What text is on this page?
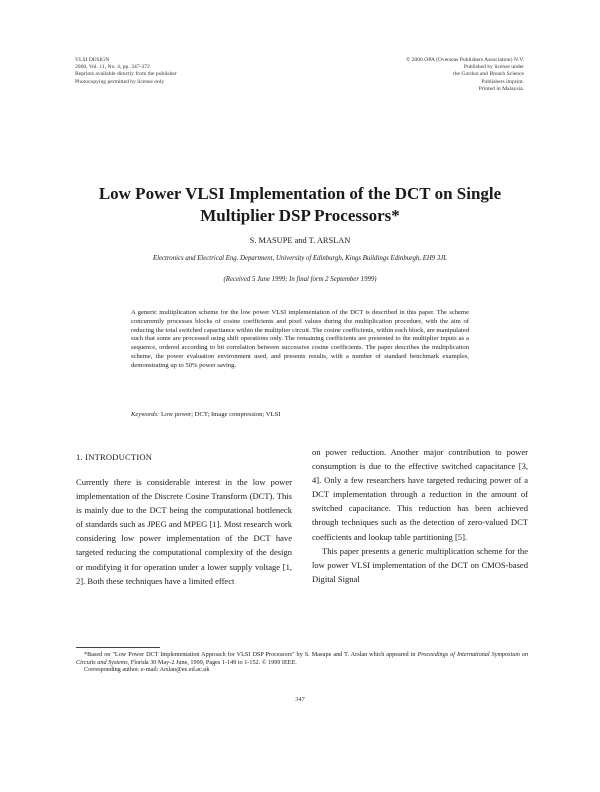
VLSI DESIGN
2000, Vol. 11, No. 4, pp. 347-372
Reprints available directly from the publisher
Photocopying permitted by license only
© 2000 OPA (Overseas Publishers Association) N.V.
Published by license under
the Gordon and Breach Science
Publishers imprint.
Printed in Malaysia.
Low Power VLSI Implementation of the DCT on Single
Multiplier DSP Processors*
S. MASUPE and T. ARSLAN
Electronics and Electrical Eng. Department, University of Edinburgh, Kings Buildings Edinburgh, EH9 3JL
(Received 5 June 1999; In final form 2 September 1999)
A generic multiplication scheme for the low power VLSI implementation of the DCT is described in this paper. The scheme concurrently processes blocks of cosine coefficients and pixel values during the multiplication procedure, with the aim of reducing the total switched capacitance within the multiplier circuit. The cosine coefficients, within each block, are manipulated such that some are processed using shift operations only. The remaining coefficients are presented to the multiplier inputs as a sequence, ordered according to bit correlation between successive cosine coefficients. The paper describes the multiplication scheme, the power evaluation environment used, and presents results, with a number of standard benchmark examples, demonstrating up to 50% power saving.
Keywords: Low power; DCT; Image compression; VLSI
1. INTRODUCTION

Currently there is considerable interest in the low power implementation of the Discrete Cosine Transform (DCT). This is mainly due to the DCT being the computational bottleneck of standards such as JPEG and MPEG [1]. Most research work considering low power implementation of the DCT have targeted reducing the computational complexity of the design or modifying it for operation under a lower supply voltage [1, 2]. Both these techniques have a limited effect

on power reduction. Another major contribution to power consumption is due to the effective switched capacitance [3, 4]. Only a few researchers have targeted reducing power of a DCT implementation through a reduction in the amount of switched capacitance. This reduction has been achieved through techniques such as the detection of zero-valued DCT coefficients and lookup table partitioning [5].

This paper presents a generic multiplication scheme for the low power VLSI implementation of the DCT on CMOS-based Digital Signal

*Based on "Low Power DCT Implementation Approach for VLSI DSP Processors" by S. Masupe and T. Arslan which appeared in Proceedings of International Symposium on Circuits and Systems, Florida 30 May-2 June, 1999, Pages 1-149 to 1-152. © 1999 IEEE.

Corresponding author. e-mail: Arslan@ee.ed.ac.uk

347
